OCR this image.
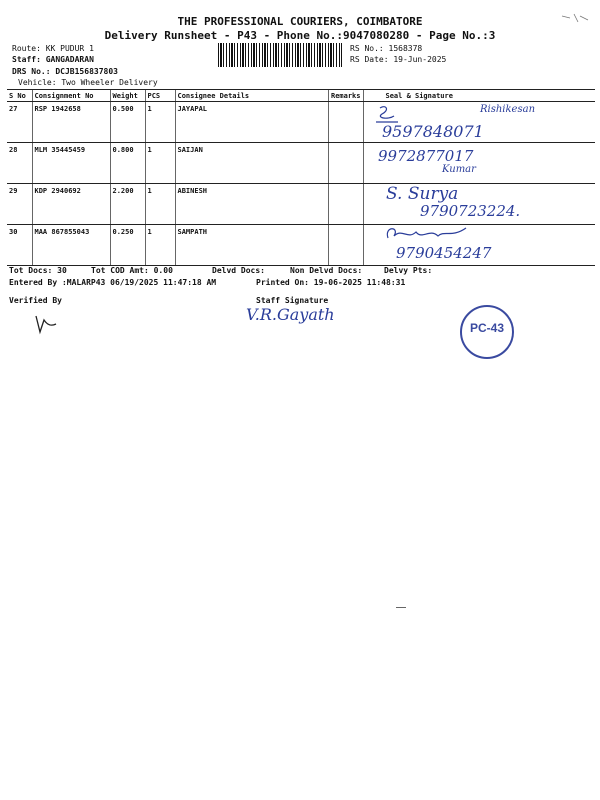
THE PROFESSIONAL COURIERS, COIMBATORE
Delivery Runsheet - P43 - Phone No.:9047080280 - Page No.:3
Route: KK PUDUR 1
Staff: GANGADARAN
DRS No.: DCJB156837803
Vehicle: Two Wheeler Delivery
RS No.: 1568378
RS Date: 19-Jun-2025
S No	Consignment No	Weight	PCS	Consignee Details	Remarks	Seal & Signature
27	RSP 1942658	0.500	1	JAYAPAL		
28	MLM 35445459	0.800	1	SAIJAN		
29	KDP 2940692	2.200	1	ABINESH		
30	MAA 867855043	0.250	1	SAMPATH		
Rishikesan
9597848071
9972877017
Kumar
S. Surya
9790723224.
9790454247
Tot Docs: 30	Tot COD Amt: 0.00	Delvd Docs:	Non Delvd Docs:	Delvy Pts:
Entered By :MALARP43 06/19/2025 11:47:18 AM	Printed On: 19-06-2025 11:48:31
Verified By	Staff Signature
V.R.Gayath
PC-43
